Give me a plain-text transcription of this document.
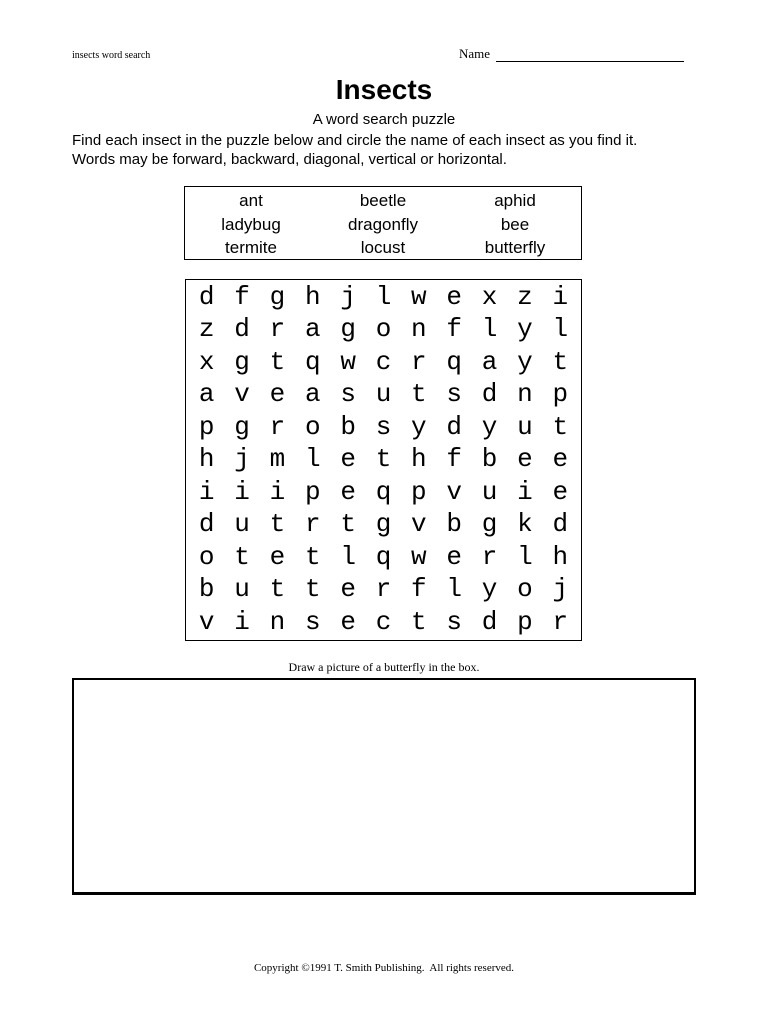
insects word search	Name
Insects
A word search puzzle
Find each insect in the puzzle below and circle the name of each insect as you find it.
Words may be forward, backward, diagonal, vertical or horizontal.
ant	beetle	aphid
ladybug	dragonfly	bee
termite	locust	butterfly
d f g h j l w e x z i
z d r a g o n f l y l
x g t q w c r q a y t
a v e a s u t s d n p
p g r o b s y d y u t
h j m l e t h f b e e
i i i p e q p v u i e
d u t r t g v b g k d
o t e t l q w e r l h
b u t t e r f l y o j
v i n s e c t s d p r
Draw a picture of a butterfly in the box.
Copyright ©1991 T. Smith Publishing.  All rights reserved.
